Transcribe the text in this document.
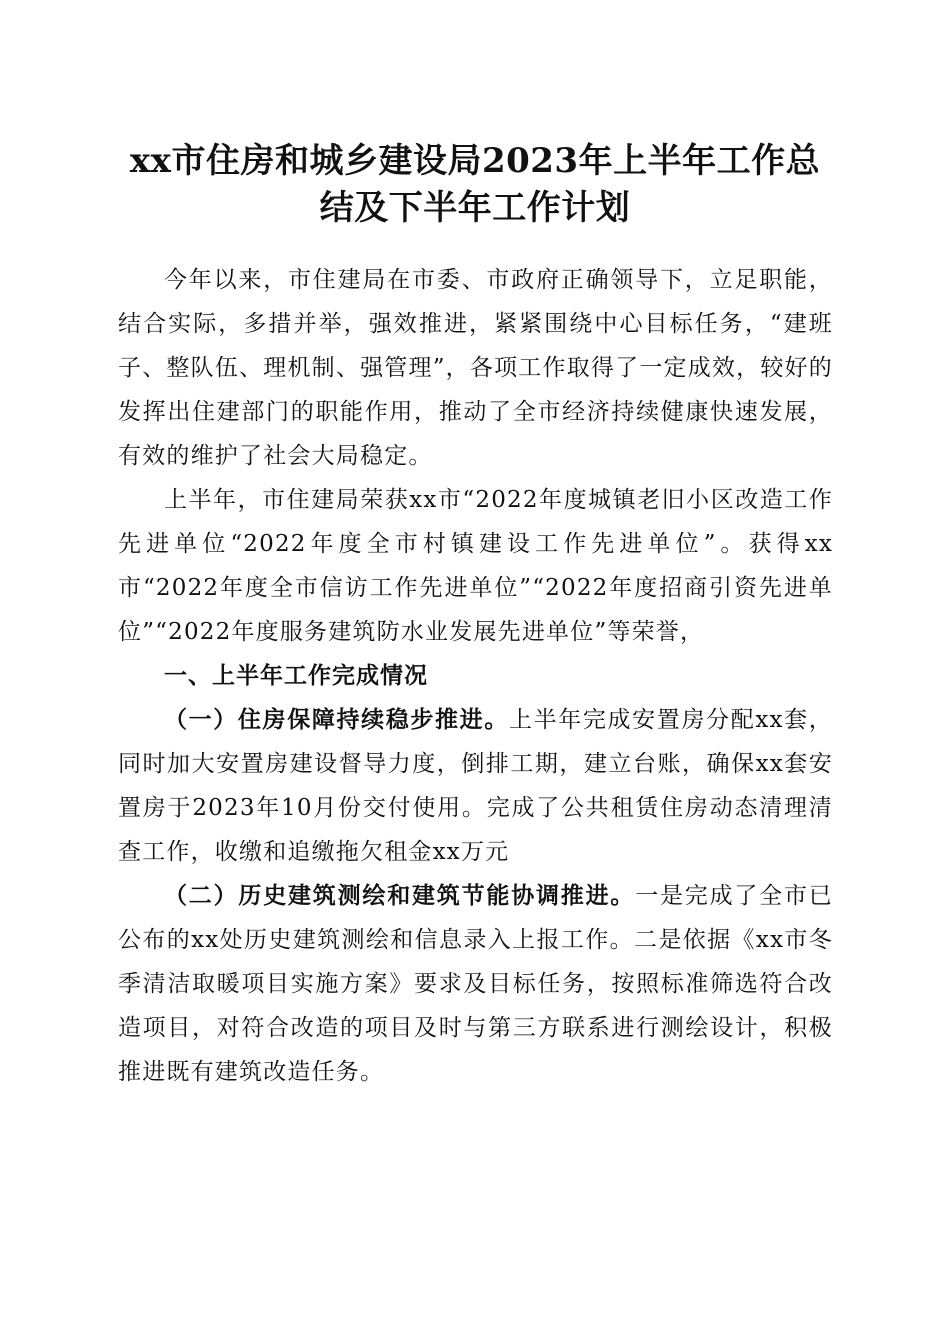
xx市住房和城乡建设局2023年上半年工作总
结及下半年工作计划

今年以来，市住建局在市委、市政府正确领导下，立足职能，结合实际，多措并举，强效推进，紧紧围绕中心目标任务，“建班子、整队伍、理机制、强管理”，各项工作取得了一定成效，较好的发挥出住建部门的职能作用，推动了全市经济持续健康快速发展，有效的维护了社会大局稳定。

上半年，市住建局荣获xx市“2022年度城镇老旧小区改造工作先进单位“2022年度全市村镇建设工作先进单位”。获得xx市“2022年度全市信访工作先进单位”“2022年度招商引资先进单位”“2022年度服务建筑防水业发展先进单位”等荣誉，

一、上半年工作完成情况

（一）住房保障持续稳步推进。上半年完成安置房分配xx套，同时加大安置房建设督导力度，倒排工期，建立台账，确保xx套安置房于2023年10月份交付使用。完成了公共租赁住房动态清理清查工作，收缴和追缴拖欠租金xx万元

（二）历史建筑测绘和建筑节能协调推进。一是完成了全市已公布的xx处历史建筑测绘和信息录入上报工作。二是依据《xx市冬季清洁取暖项目实施方案》要求及目标任务，按照标准筛选符合改造项目，对符合改造的项目及时与第三方联系进行测绘设计，积极推进既有建筑改造任务。
